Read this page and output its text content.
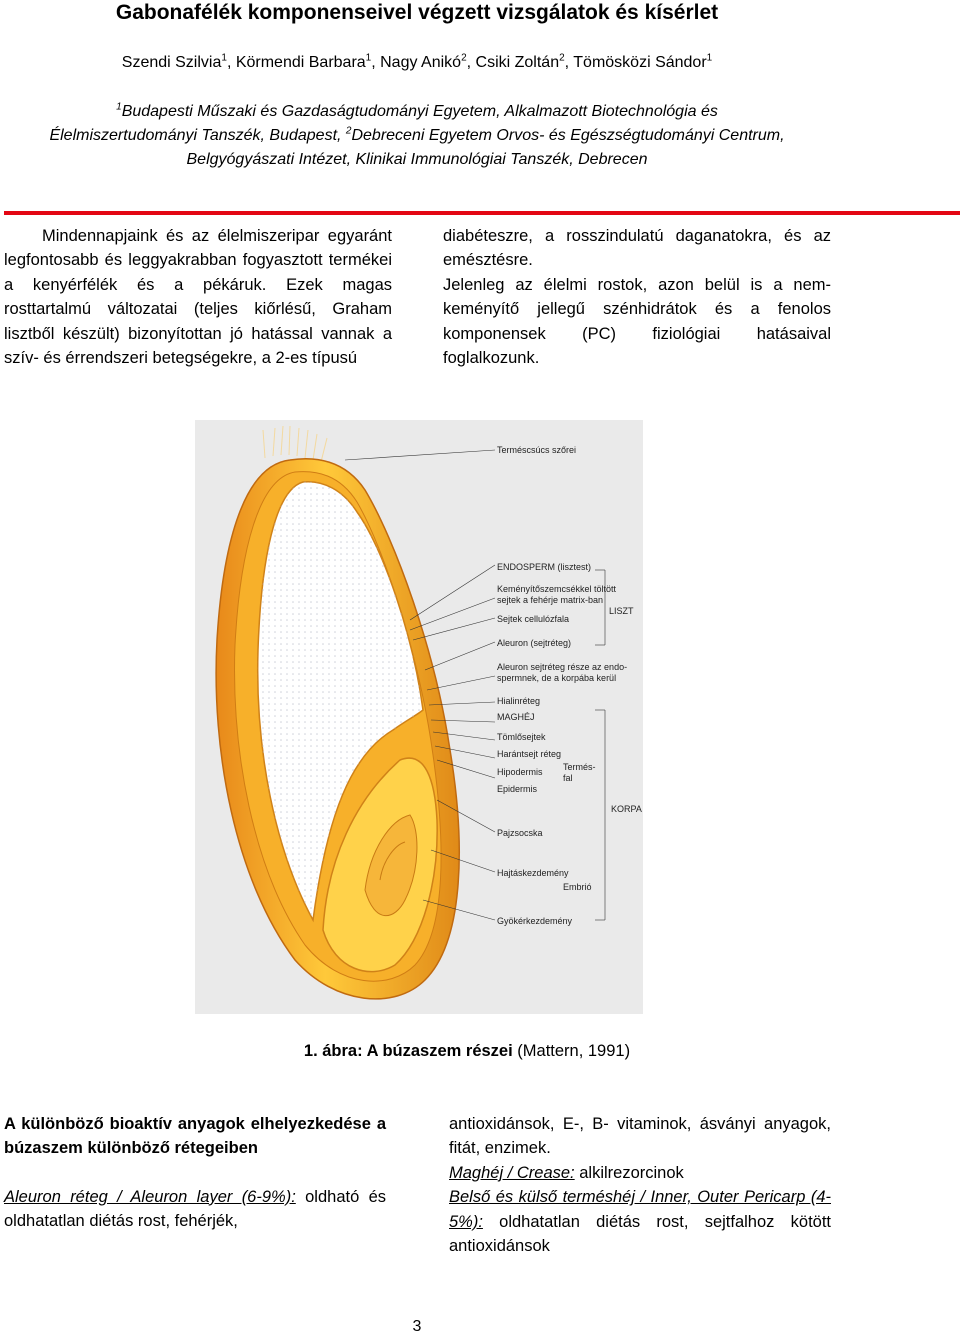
Gabonafélék komponenseivel végzett vizsgálatok és kísérlet
Szendi Szilvia$^1$, Körmendi Barbara$^1$, Nagy Anikó$^2$, Csiki Zoltán$^2$, Tömösközi Sándor$^1$
$^1$Budapesti Műszaki és Gazdaságtudományi Egyetem, Alkalmazott Biotechnológia és
Élelmiszertudományi Tanszék, Budapest, $^2$Debreceni Egyetem Orvos- és Egészségtudományi Centrum,
Belgyógyászati Intézet, Klinikai Immunológiai Tanszék, Debrecen

Mindennapjaink és az élelmiszeripar egyaránt legfontosabb és leggyakrabban fogyasztott termékei a kenyérfélék és a pékáruk. Ezek magas rosttartalmú változatai (teljes kiőrlésű, Graham lisztből készült) bizonyítottan jó hatással vannak a szív- és érrendszeri betegségekre, a 2-es típusú

diabéteszre, a rosszindulatú daganatokra, és az emésztésre.

Jelenleg az élelmi rostok, azon belül is a nem-keményítő jellegű szénhidrátok és a fenolos komponensek (PC) fiziológiai hatásaival foglalkozunk.

Terméscsúcs szőrei
ENDOSPERM (lisztest)
Keményítőszemcsékkel töltött
sejtek a fehérje matrix-ban
Sejtek cellulózfala
Aleuron (sejtréteg)
Aleuron sejtréteg része az endo-
spermnek, de a korpába kerül
Hialinréteg
MAGHÉJ
Tömlősejtek
Harántsejt réteg
Hipodermis
Epidermis
Pajzsocska
Hajtáskezdemény
Gyökérkezdemény
LISZT
Termés-
fal
KORPA
Embrió
1. ábra: A búzaszem részei (Mattern, 1991)

A különböző bioaktív anyagok elhelyezkedése a búzaszem különböző rétegeiben

Aleuron réteg / Aleuron layer (6-9%): oldható és oldhatatlan diétás rost, fehérjék,

antioxidánsok, E-, B- vitaminok, ásványi anyagok, fitát, enzimek.

Maghéj / Crease: alkilrezorcinok

Belső és külső terméshéj / Inner, Outer Pericarp (4-5%): oldhatatlan diétás rost, sejtfalhoz kötött antioxidánsok

3
